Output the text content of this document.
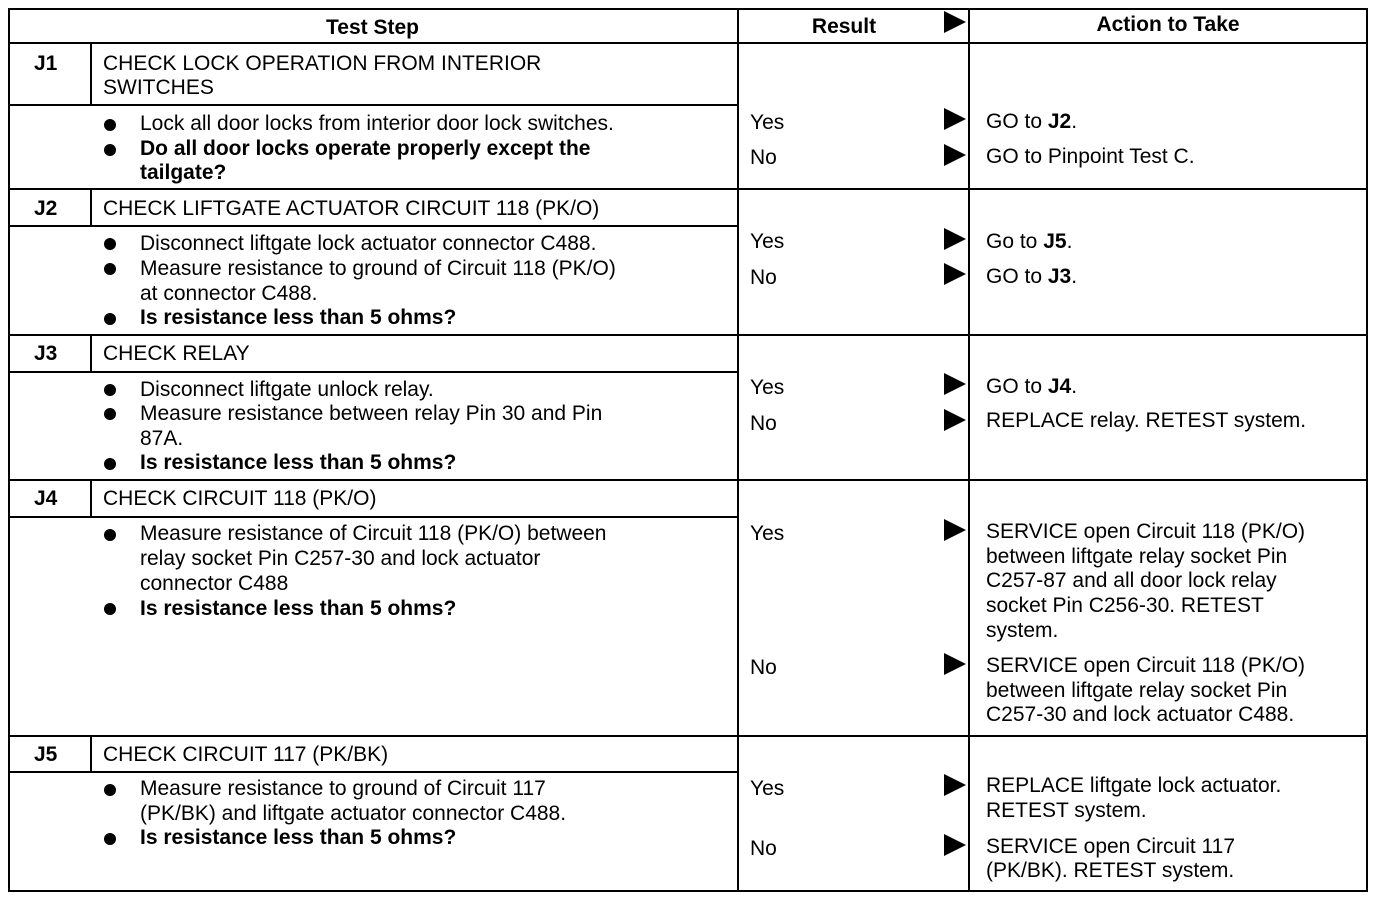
Test Step	Result	Action to Take
J1 CHECK LOCK OPERATION FROM INTERIOR
SWITCHES
Lock all door locks from interior door lock switches.
Do all door locks operate properly except the
tailgate?
Yes	GO to J2.
No	GO to Pinpoint Test C.
J2 CHECK LIFTGATE ACTUATOR CIRCUIT 118 (PK/O)
Disconnect liftgate lock actuator connector C488.
Measure resistance to ground of Circuit 118 (PK/O)
at connector C488.
Is resistance less than 5 ohms?
Yes	Go to J5.
No	GO to J3.
J3 CHECK RELAY
Disconnect liftgate unlock relay.
Measure resistance between relay Pin 30 and Pin
87A.
Is resistance less than 5 ohms?
Yes	GO to J4.
No	REPLACE relay. RETEST system.
J4 CHECK CIRCUIT 118 (PK/O)
Measure resistance of Circuit 118 (PK/O) between
relay socket Pin C257-30 and lock actuator
connector C488
Is resistance less than 5 ohms?
Yes	SERVICE open Circuit 118 (PK/O)
between liftgate relay socket Pin
C257-87 and all door lock relay
socket Pin C256-30. RETEST
system.
No	SERVICE open Circuit 118 (PK/O)
between liftgate relay socket Pin
C257-30 and lock actuator C488.
J5 CHECK CIRCUIT 117 (PK/BK)
Measure resistance to ground of Circuit 117
(PK/BK) and liftgate actuator connector C488.
Is resistance less than 5 ohms?
Yes	REPLACE liftgate lock actuator.
RETEST system.
No	SERVICE open Circuit 117
(PK/BK). RETEST system.
